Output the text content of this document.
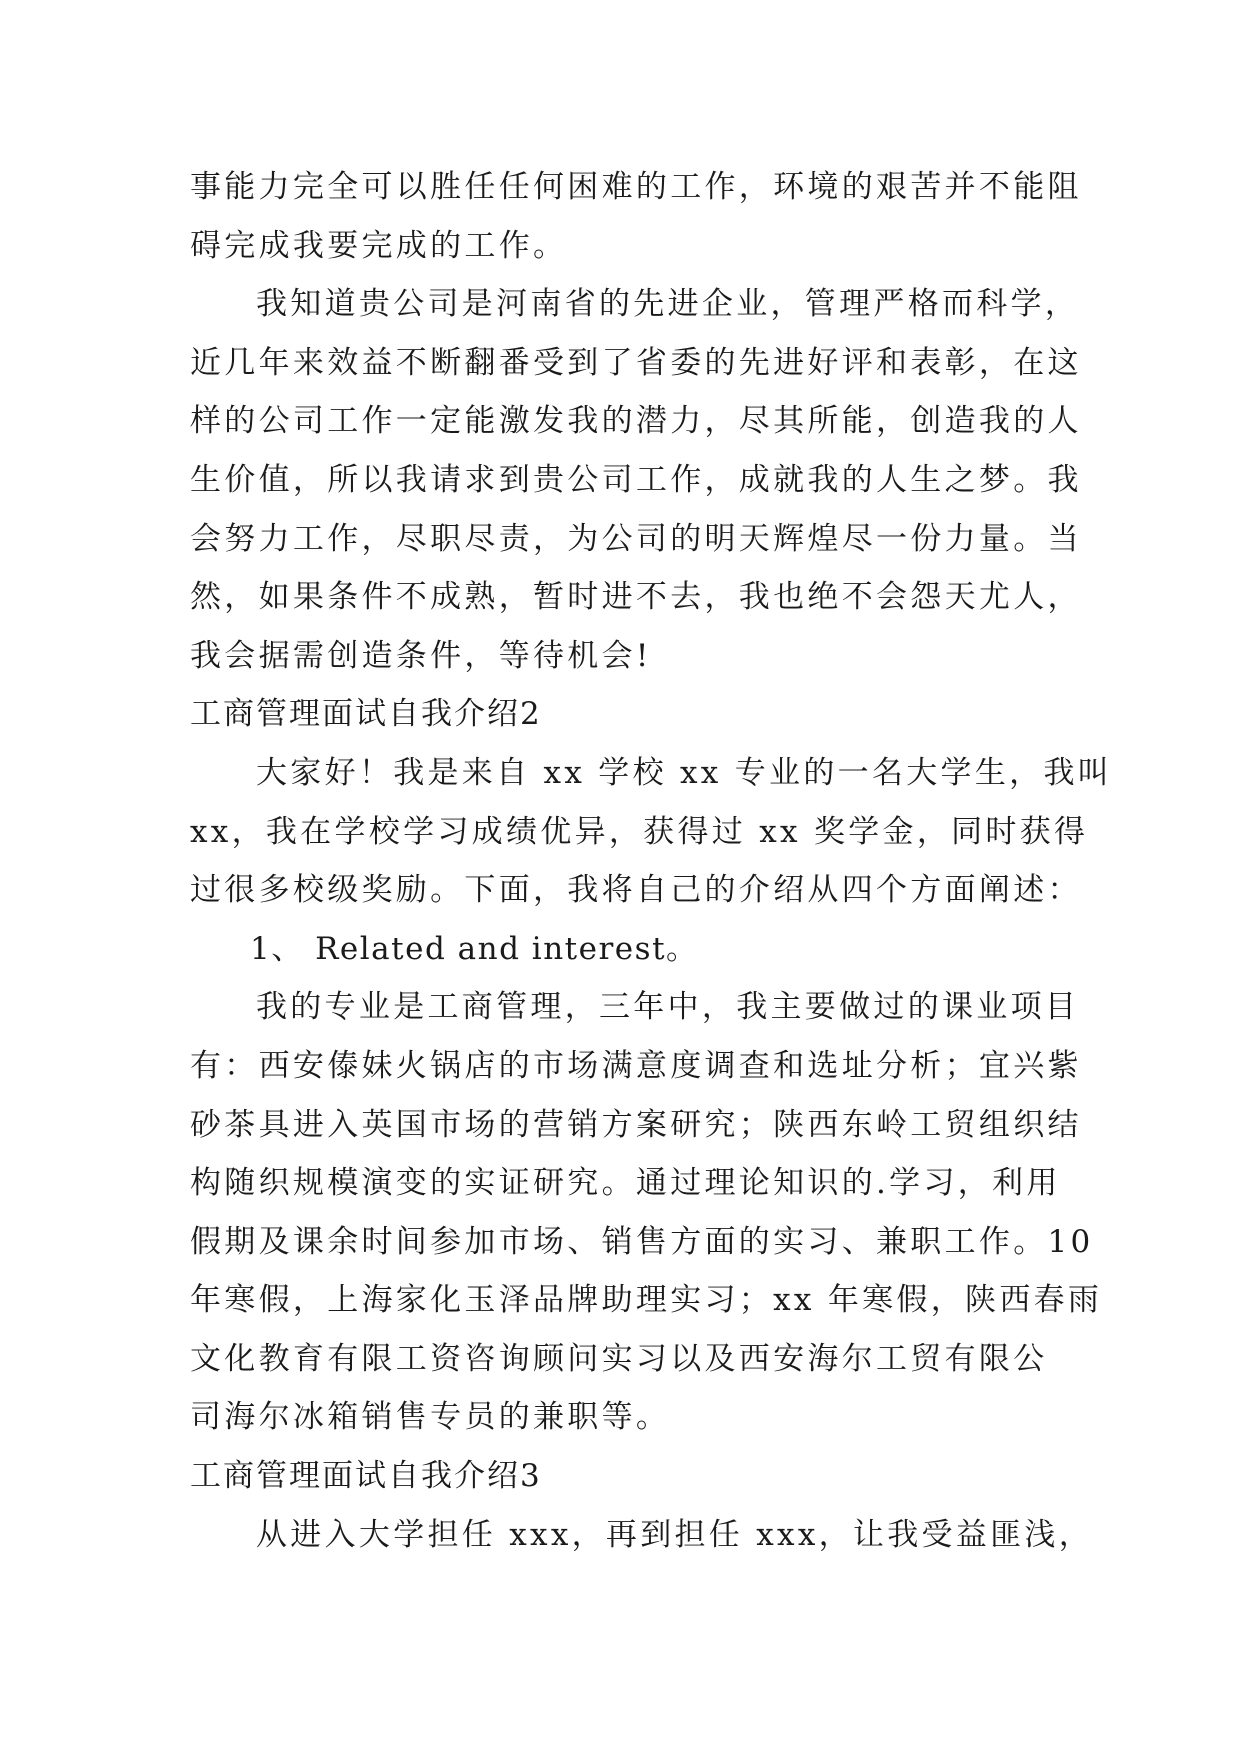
事能力完全可以胜任任何困难的工作，环境的艰苦并不能阻
碍完成我要完成的工作。
我知道贵公司是河南省的先进企业，管理严格而科学，
近几年来效益不断翻番受到了省委的先进好评和表彰，在这
样的公司工作一定能激发我的潜力，尽其所能，创造我的人
生价值，所以我请求到贵公司工作，成就我的人生之梦。我
会努力工作，尽职尽责，为公司的明天辉煌尽一份力量。当
然，如果条件不成熟，暂时进不去，我也绝不会怨天尤人，
我会据需创造条件，等待机会!
工商管理面试自我介绍2
大家好！我是来自 xx 学校 xx 专业的一名大学生，我叫
xx，我在学校学习成绩优异，获得过 xx 奖学金，同时获得
过很多校级奖励。下面，我将自己的介绍从四个方面阐述：
1、 Related and interest。
我的专业是工商管理，三年中，我主要做过的课业项目
有：西安傣妹火锅店的市场满意度调查和选址分析；宜兴紫
砂茶具进入英国市场的营销方案研究；陕西东岭工贸组织结
构随织规模演变的实证研究。通过理论知识的.学习，利用
假期及课余时间参加市场、销售方面的实习、兼职工作。10
年寒假，上海家化玉泽品牌助理实习；xx 年寒假，陕西春雨
文化教育有限工资咨询顾问实习以及西安海尔工贸有限公
司海尔冰箱销售专员的兼职等。
工商管理面试自我介绍3
从进入大学担任 xxx，再到担任 xxx，让我受益匪浅，
